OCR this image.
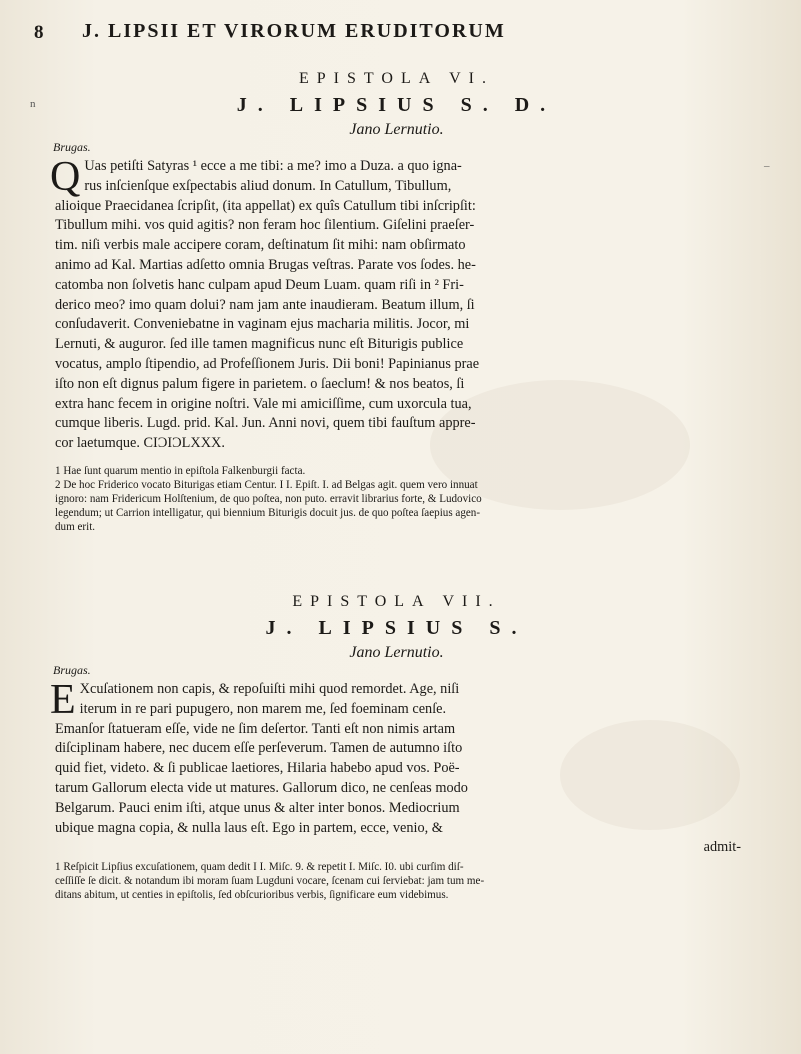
8 J. LIPSII ET VIRORUM ERUDITORUM
n
–
EPISTOLA VI.
J. LIPSIUS S. D.
Jano Lernutio.
Brugas.
Q Uas petiſti Satyras ¹ ecce a me tibi: a me? imo a Duza. a quo igna-

rus inſcienſque exſpectabis aliud donum. In Catullum, Tibullum,

alioique Praecidanea ſcripſit, (ita appellat) ex quîs Catullum tibi inſcripſit:

Tibullum mihi. vos quid agitis? non feram hoc ſilentium. Giſelini praeſer-

tim. niſi verbis male accipere coram, deſtinatum ſit mihi: nam obſirmato

animo ad Kal. Martias adſetto omnia Brugas veſtras. Parate vos ſodes. he-

catomba non ſolvetis hanc culpam apud Deum Luam. quam riſi in ² Fri-

derico meo? imo quam dolui? nam jam ante inaudieram. Beatum illum, ſi

conſudaverit. Conveniebatne in vaginam ejus macharia militis. Jocor, mi

Lernuti, & auguror. ſed ille tamen magnificus nunc eſt Biturigis publice

vocatus, amplo ſtipendio, ad Profeſſionem Juris. Dii boni! Papinianus prae

iſto non eſt dignus palum figere in parietem. o ſaeclum! & nos beatos, ſi

extra hanc fecem in origine noſtri. Vale mi amiciſſime, cum uxorcula tua,

cumque liberis. Lugd. prid. Kal. Jun. Anni novi, quem tibi fauſtum appre-

cor laetumque. CIϽIϽLXXX.

1 Hae ſunt quarum mentio in epiſtola Falkenburgii facta.

2 De hoc Friderico vocato Biturigas etiam Centur. I I. Epiſt. I. ad Belgas agit. quem vero innuat

ignoro: nam Fridericum Holſtenium, de quo poſtea, non puto. erravit librarius forte, & Ludovico

legendum; ut Carrion intelligatur, qui biennium Biturigis docuit jus. de quo poſtea ſaepius agen-

dum erit.

EPISTOLA VII.
J. LIPSIUS S.
Jano Lernutio.
Brugas.
E Xcuſationem non capis, & repoſuiſti mihi quod remordet. Age, niſi

iterum in re pari pupugero, non marem me, ſed foeminam cenſe.

Emanſor ſtatueram eſſe, vide ne ſim deſertor. Tanti eſt non nimis artam

diſciplinam habere, nec ducem eſſe perſeverum. Tamen de autumno iſto

quid fiet, videto. & ſi publicae laetiores, Hilaria habebo apud vos. Poë-

tarum Gallorum electa vide ut matures. Gallorum dico, ne cenſeas modo

Belgarum. Pauci enim iſti, atque unus & alter inter bonos. Mediocrium

ubique magna copia, & nulla laus eſt. Ego in partem, ecce, venio, &

admit-

1 Reſpicit Lipſius excuſationem, quam dedit I I. Miſc. 9. & repetit I. Miſc. I0. ubi curſim diſ-

ceſſiſſe ſe dicit. & notandum ibi moram ſuam Lugduni vocare, ſcenam cui ſerviebat: jam tum me-

ditans abitum, ut centies in epiſtolis, ſed obſcurioribus verbis, ſignificare eum videbimus.
